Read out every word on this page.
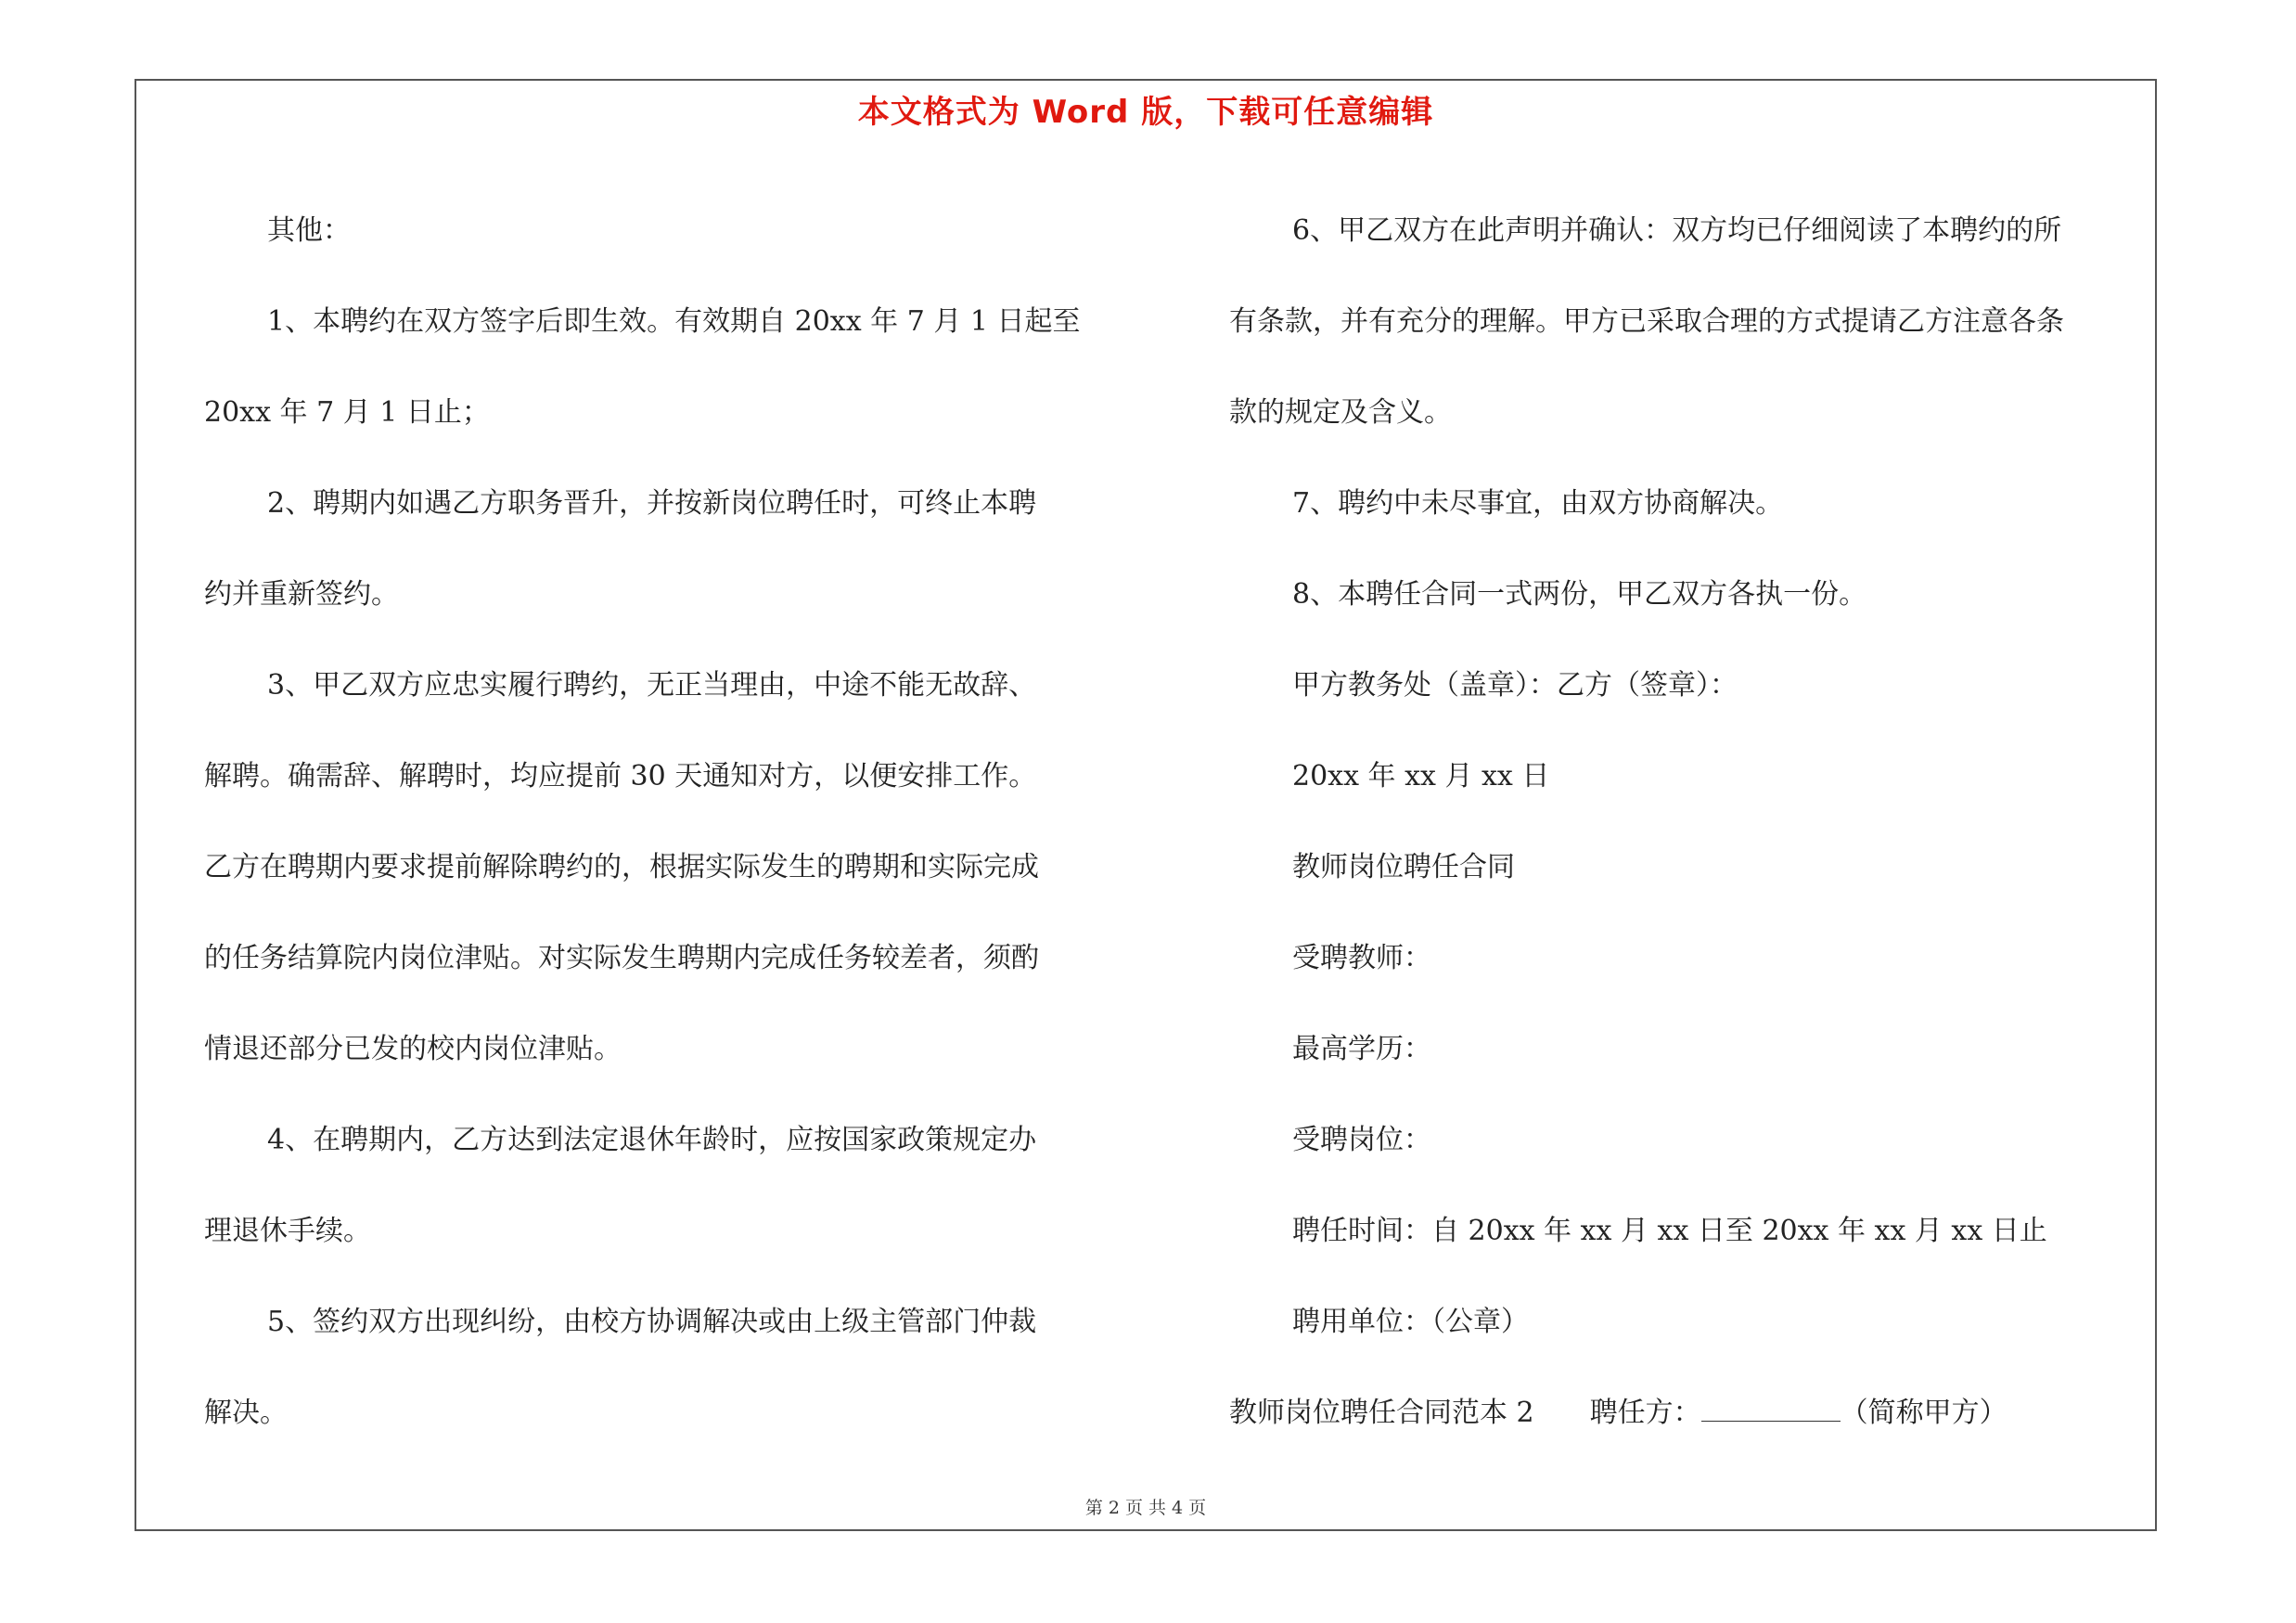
本文格式为 Word 版，下载可任意编辑

其他：

1、本聘约在双方签字后即生效。有效期自 20xx 年 7 月 1 日起至

20xx 年 7 月 1 日止；

2、聘期内如遇乙方职务晋升，并按新岗位聘任时，可终止本聘

约并重新签约。

3、甲乙双方应忠实履行聘约，无正当理由，中途不能无故辞、

解聘。确需辞、解聘时，均应提前 30 天通知对方，以便安排工作。

乙方在聘期内要求提前解除聘约的，根据实际发生的聘期和实际完成

的任务结算院内岗位津贴。对实际发生聘期内完成任务较差者，须酌

情退还部分已发的校内岗位津贴。

4、在聘期内，乙方达到法定退休年龄时，应按国家政策规定办

理退休手续。

5、签约双方出现纠纷，由校方协调解决或由上级主管部门仲裁

解决。

6、甲乙双方在此声明并确认：双方均已仔细阅读了本聘约的所

有条款，并有充分的理解。甲方已采取合理的方式提请乙方注意各条

款的规定及含义。

7、聘约中未尽事宜，由双方协商解决。

8、本聘任合同一式两份，甲乙双方各执一份。

甲方教务处（盖章）：乙方（签章）：

20xx 年 xx 月 xx 日

教师岗位聘任合同

受聘教师：

最高学历：

受聘岗位：

聘任时间：自 20xx 年 xx 月 xx 日至 20xx 年 xx 月 xx 日止

聘用单位：（公章）

教师岗位聘任合同范本 2 聘任方：	（简称甲方）

第 2 页 共 4 页
